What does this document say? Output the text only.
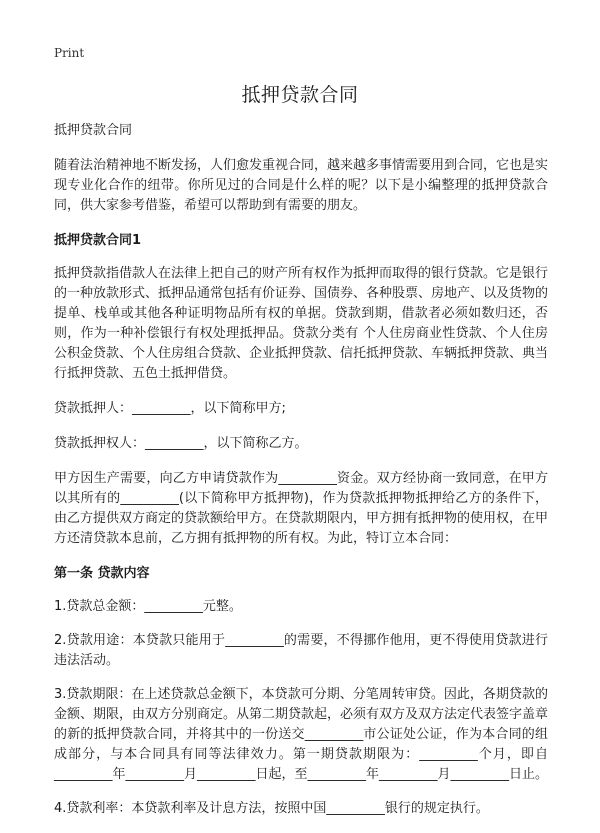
Print
抵押贷款合同

抵押贷款合同

随着法治精神地不断发扬，人们愈发重视合同，越来越多事情需要用到合同，它也是实现专业化合作的纽带。你所见过的合同是什么样的呢？以下是小编整理的抵押贷款合同，供大家参考借鉴，希望可以帮助到有需要的朋友。

抵押贷款合同1

抵押贷款指借款人在法律上把自己的财产所有权作为抵押而取得的银行贷款。它是银行的一种放款形式、抵押品通常包括有价证券、国债券、各种股票、房地产、以及货物的提单、栈单或其他各种证明物品所有权的单据。贷款到期，借款者必须如数归还，否则，作为一种补偿银行有权处理抵押品。贷款分类有 个人住房商业性贷款、个人住房公积金贷款、个人住房组合贷款、企业抵押贷款、信托抵押贷款、车辆抵押贷款、典当行抵押贷款、五色土抵押借贷。

贷款抵押人：_________，以下简称甲方;

贷款抵押权人：_________，以下简称乙方。

甲方因生产需要，向乙方申请贷款作为_________资金。双方经协商一致同意，在甲方以其所有的_________(以下简称甲方抵押物)，作为贷款抵押物抵押给乙方的条件下，由乙方提供双方商定的贷款额给甲方。在贷款期限内，甲方拥有抵押物的使用权，在甲方还清贷款本息前，乙方拥有抵押物的所有权。为此，特订立本合同：

第一条 贷款内容

1.贷款总金额：_________元整。

2.贷款用途：本贷款只能用于_________的需要，不得挪作他用，更不得使用贷款进行违法活动。

3.贷款期限：在上述贷款总金额下，本贷款可分期、分笔周转审贷。因此，各期贷款的金额、期限，由双方分别商定。从第二期贷款起，必须有双方及双方法定代表签字盖章的新的抵押贷款合同，并将其中的一份送交_________市公证处公证，作为本合同的组成部分，与本合同具有同等法律效力。第一期贷款期限为：_________个月，即自_________年_________月_________日起，至_________年_________月_________日止。

4.贷款利率：本贷款利率及计息方法，按照中国_________银行的规定执行。
